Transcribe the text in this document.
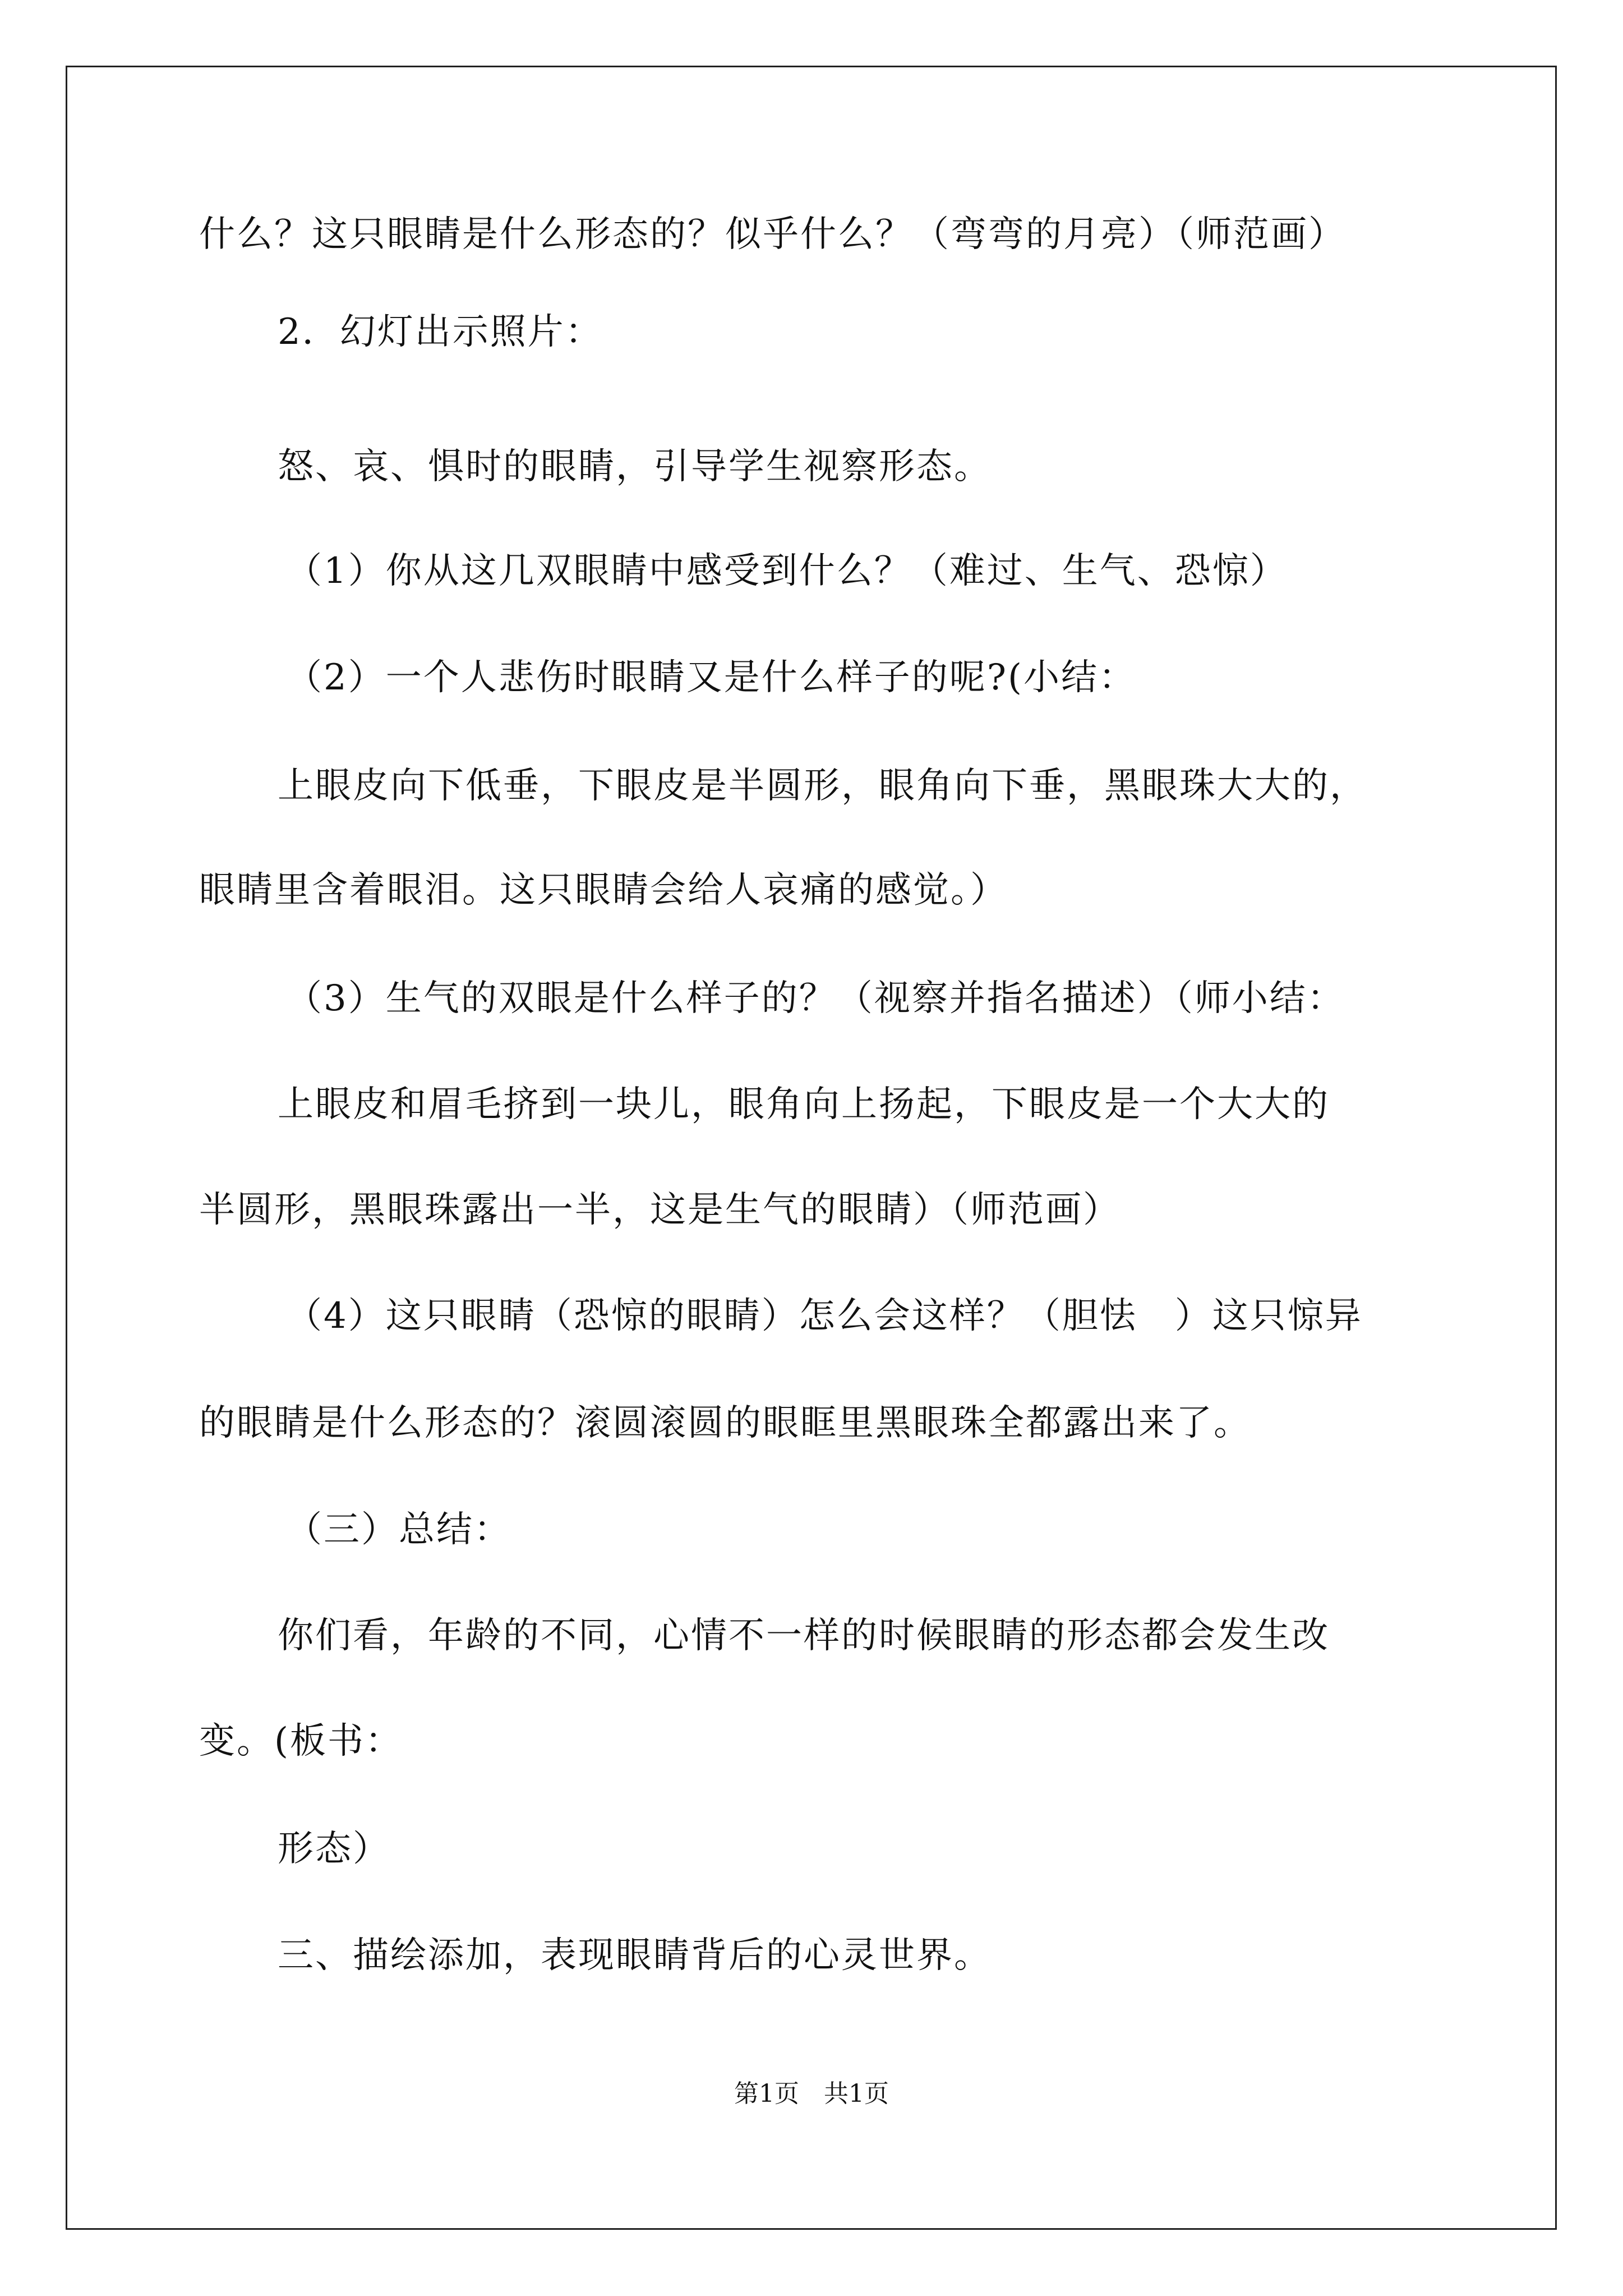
什么？这只眼睛是什么形态的？似乎什么？（弯弯的月亮）（师范画）
2．幻灯出示照片：
怒、哀、惧时的眼睛，引导学生视察形态。
（1）你从这几双眼睛中感受到什么？（难过、生气、恐惊）
（2）一个人悲伤时眼睛又是什么样子的呢?(小结：
上眼皮向下低垂，下眼皮是半圆形，眼角向下垂，黑眼珠大大的，
眼睛里含着眼泪。这只眼睛会给人哀痛的感觉。）
（3）生气的双眼是什么样子的？（视察并指名描述）（师小结：
上眼皮和眉毛挤到一块儿，眼角向上扬起，下眼皮是一个大大的
半圆形，黑眼珠露出一半，这是生气的眼睛）（师范画）
（4）这只眼睛（恐惊的眼睛）怎么会这样？（胆怯　）这只惊异
的眼睛是什么形态的？滚圆滚圆的眼眶里黑眼珠全都露出来了。
（三）总结：
你们看，年龄的不同，心情不一样的时候眼睛的形态都会发生改
变。(板书：
形态）
三、描绘添加，表现眼睛背后的心灵世界。
第1页　共1页
